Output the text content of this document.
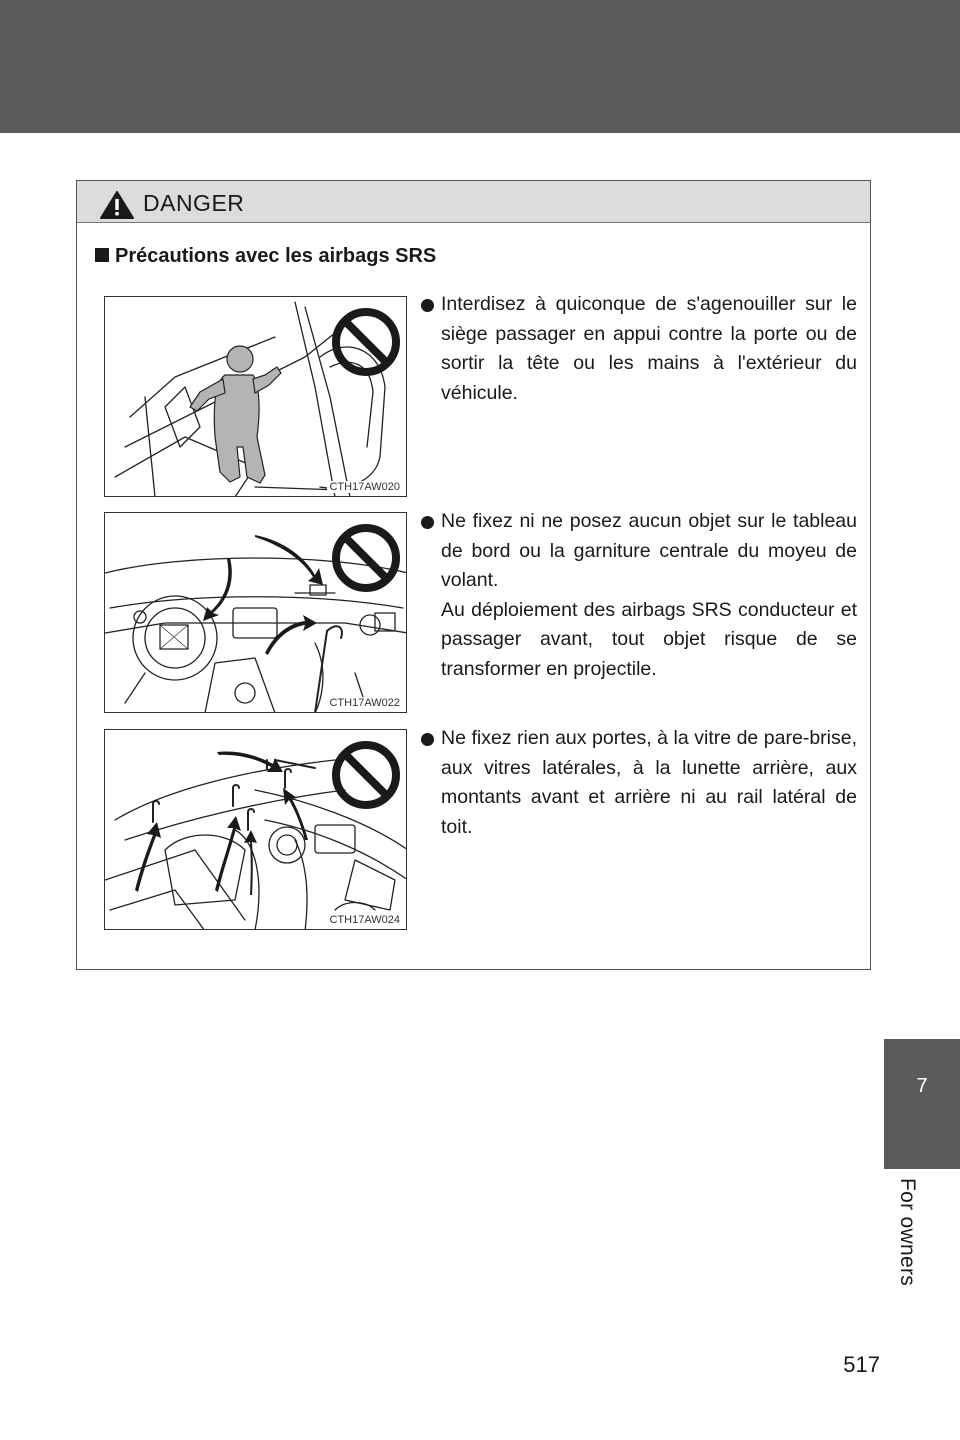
7
For owners
DANGER
Précautions avec les airbags SRS
CTH17AW020
CTH17AW022
CTH17AW024

Interdisez à quiconque de s'agenouiller sur le siège passager en appui contre la porte ou de sortir la tête ou les mains à l'extérieur du véhicule.

Ne fixez ni ne posez aucun objet sur le tableau de bord ou la garniture centrale du moyeu de volant.

Au déploiement des airbags SRS conducteur et passager avant, tout objet risque de se transformer en projectile.

Ne fixez rien aux portes, à la vitre de pare-brise, aux vitres latérales, à la lunette arrière, aux montants avant et arrière ni au rail latéral de toit.

517
